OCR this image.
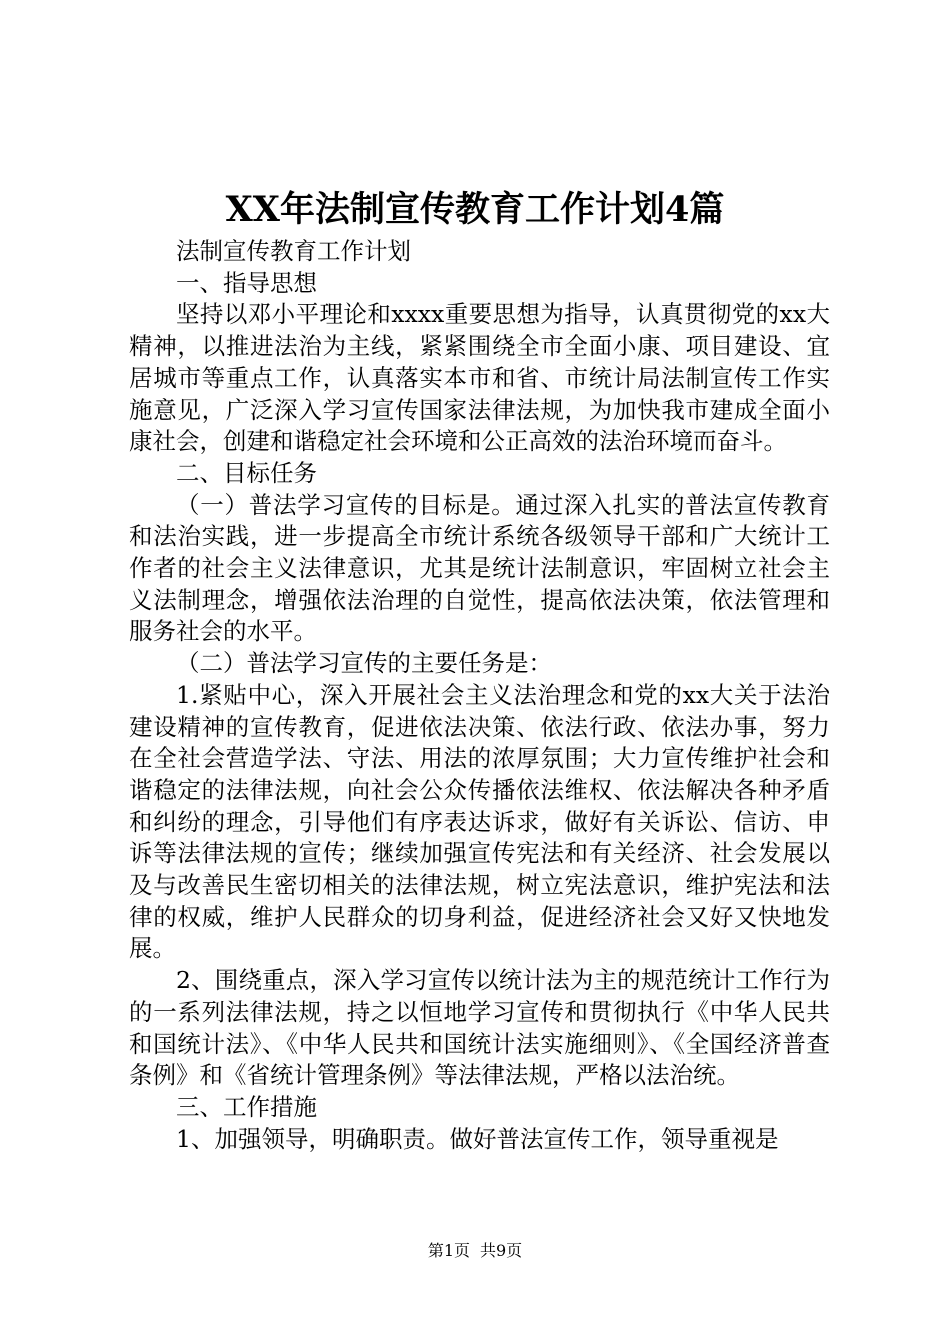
XX年法制宣传教育工作计划4篇

法制宣传教育工作计划

一、指导思想

坚持以邓小平理论和xxxx重要思想为指导，认真贯彻党的xx大精神，以推进法治为主线，紧紧围绕全市全面小康、项目建设、宜居城市等重点工作，认真落实本市和省、市统计局法制宣传工作实施意见，广泛深入学习宣传国家法律法规，为加快我市建成全面小康社会，创建和谐稳定社会环境和公正高效的法治环境而奋斗。

二、目标任务

（一）普法学习宣传的目标是。通过深入扎实的普法宣传教育和法治实践，进一步提高全市统计系统各级领导干部和广大统计工作者的社会主义法律意识，尤其是统计法制意识，牢固树立社会主义法制理念，增强依法治理的自觉性，提高依法决策，依法管理和服务社会的水平。

（二）普法学习宣传的主要任务是：

1.紧贴中心，深入开展社会主义法治理念和党的xx大关于法治建设精神的宣传教育，促进依法决策、依法行政、依法办事，努力在全社会营造学法、守法、用法的浓厚氛围；大力宣传维护社会和谐稳定的法律法规，向社会公众传播依法维权、依法解决各种矛盾和纠纷的理念，引导他们有序表达诉求，做好有关诉讼、信访、申诉等法律法规的宣传；继续加强宣传宪法和有关经济、社会发展以及与改善民生密切相关的法律法规，树立宪法意识，维护宪法和法律的权威，维护人民群众的切身利益，促进经济社会又好又快地发展。

2、围绕重点，深入学习宣传以统计法为主的规范统计工作行为的一系列法律法规，持之以恒地学习宣传和贯彻执行《中华人民共和国统计法》、《中华人民共和国统计法实施细则》、《全国经济普查条例》和《省统计管理条例》等法律法规，严格以法治统。

三、工作措施

1、加强领导，明确职责。做好普法宣传工作，领导重视是

第1页 共9页
